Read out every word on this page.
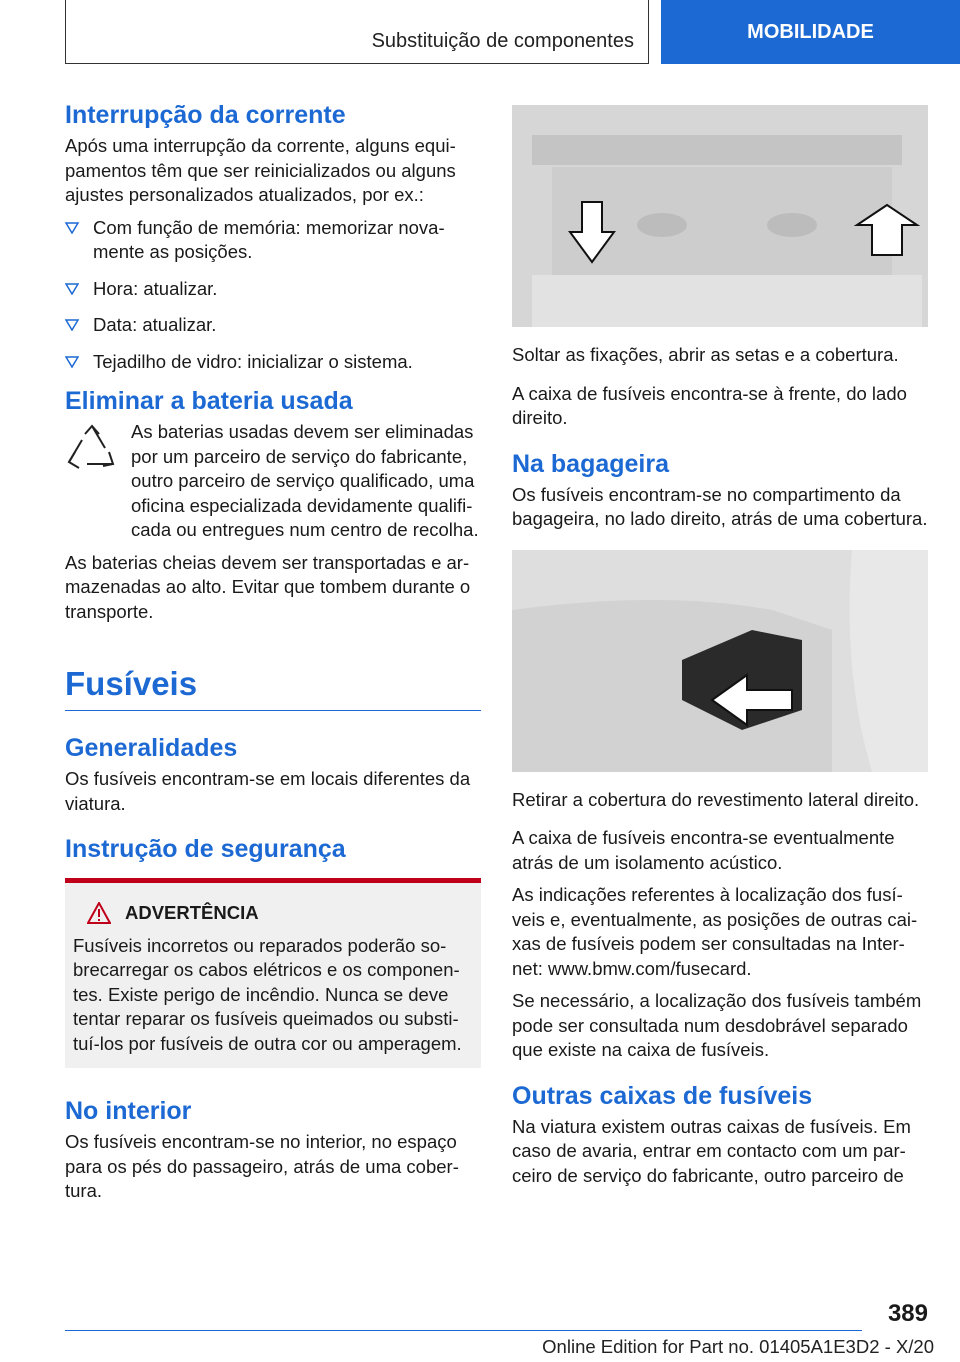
Substituição de componentes	MOBILIDADE
Interrupção da corrente

Após uma interrupção da corrente, alguns equipamentos têm que ser reinicializados ou alguns ajustes personalizados atualizados, por ex.:

Com função de memória: memorizar novamente as posições.
Hora: atualizar.
Data: atualizar.
Tejadilho de vidro: inicializar o sistema.
Eliminar a bateria usada

As baterias usadas devem ser eliminadas por um parceiro de serviço do fabricante, outro parceiro de serviço qualificado, uma oficina especializada devidamente qualificada ou entregues num centro de recolha.

As baterias cheias devem ser transportadas e armazenadas ao alto. Evitar que tombem durante o transporte.

Fusíveis
Generalidades

Os fusíveis encontram-se em locais diferentes da viatura.

Instrução de segurança
ADVERTÊNCIA

Fusíveis incorretos ou reparados poderão sobrecarregar os cabos elétricos e os componentes. Existe perigo de incêndio. Nunca se deve tentar reparar os fusíveis queimados ou substituí-los por fusíveis de outra cor ou amperagem.

No interior

Os fusíveis encontram-se no interior, no espaço para os pés do passageiro, atrás de uma cobertura.

Soltar as fixações, abrir as setas e a cobertura.

A caixa de fusíveis encontra-se à frente, do lado direito.

Na bagageira

Os fusíveis encontram-se no compartimento da bagageira, no lado direito, atrás de uma cobertura.

Retirar a cobertura do revestimento lateral direito.

A caixa de fusíveis encontra-se eventualmente atrás de um isolamento acústico.

As indicações referentes à localização dos fusíveis e, eventualmente, as posições de outras caixas de fusíveis podem ser consultadas na Internet: www.bmw.com/fusecard.

Se necessário, a localização dos fusíveis também pode ser consultada num desdobrável separado que existe na caixa de fusíveis.

Outras caixas de fusíveis

Na viatura existem outras caixas de fusíveis. Em caso de avaria, entrar em contacto com um parceiro de serviço do fabricante, outro parceiro de

389
Online Edition for Part no. 01405A1E3D2 - X/20
